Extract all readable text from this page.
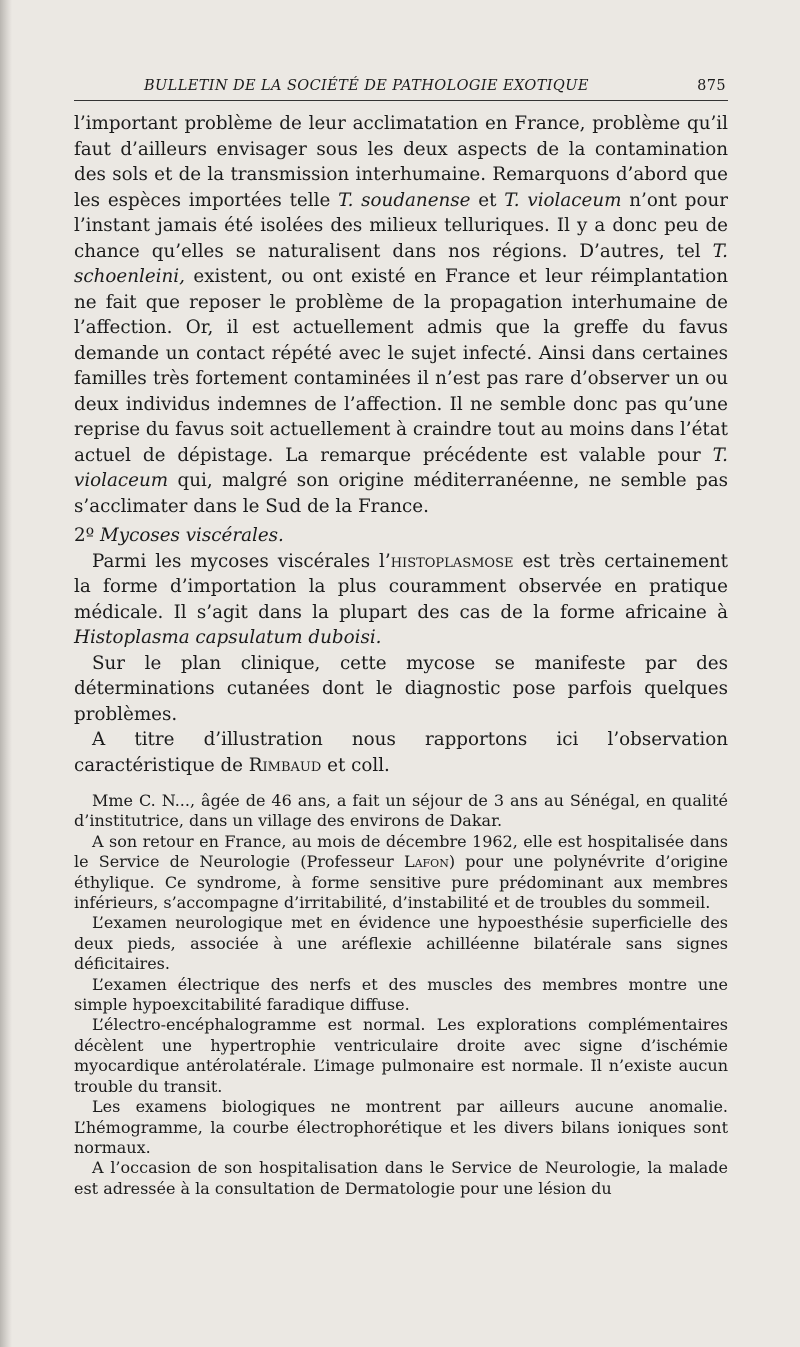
BULLETIN DE LA SOCIÉTÉ DE PATHOLOGIE EXOTIQUE	875

l’important problème de leur acclimatation en France, problème qu’il faut d’ailleurs envisager sous les deux aspects de la contamination des sols et de la transmission interhumaine. Remarquons d’abord que les espèces importées telle T. soudanense et T. violaceum n’ont pour l’instant jamais été isolées des milieux telluriques. Il y a donc peu de chance qu’elles se naturalisent dans nos régions. D’autres, tel T. schoenleini, existent, ou ont existé en France et leur réimplantation ne fait que reposer le problème de la propagation interhumaine de l’affection. Or, il est actuellement admis que la greffe du favus demande un contact répété avec le sujet infecté. Ainsi dans certaines familles très fortement contaminées il n’est pas rare d’observer un ou deux individus indemnes de l’affection. Il ne semble donc pas qu’une reprise du favus soit actuellement à craindre tout au moins dans l’état actuel de dépistage. La remarque précédente est valable pour T. violaceum qui, malgré son origine méditerranéenne, ne semble pas s’acclimater dans le Sud de la France.

2º Mycoses viscérales.

Parmi les mycoses viscérales l’histoplasmose est très certainement la forme d’importation la plus couramment observée en pratique médicale. Il s’agit dans la plupart des cas de la forme africaine à Histoplasma capsulatum duboisi.

Sur le plan clinique, cette mycose se manifeste par des déterminations cutanées dont le diagnostic pose parfois quelques problèmes.

A titre d’illustration nous rapportons ici l’observation caractéristique de Rimbaud et coll.

Mme C. N..., âgée de 46 ans, a fait un séjour de 3 ans au Sénégal, en qualité d’institutrice, dans un village des environs de Dakar.

A son retour en France, au mois de décembre 1962, elle est hospitalisée dans le Service de Neurologie (Professeur Lafon) pour une polynévrite d’origine éthylique. Ce syndrome, à forme sensitive pure prédominant aux membres inférieurs, s’accompagne d’irritabilité, d’instabilité et de troubles du sommeil.

L’examen neurologique met en évidence une hypoesthésie superficielle des deux pieds, associée à une aréflexie achilléenne bilatérale sans signes déficitaires.

L’examen électrique des nerfs et des muscles des membres montre une simple hypoexcitabilité faradique diffuse.

L’électro-encéphalogramme est normal. Les explorations complémentaires décèlent une hypertrophie ventriculaire droite avec signe d’ischémie myocardique antérolatérale. L’image pulmonaire est normale. Il n’existe aucun trouble du transit.

Les examens biologiques ne montrent par ailleurs aucune anomalie. L’hémogramme, la courbe électrophorétique et les divers bilans ioniques sont normaux.

A l’occasion de son hospitalisation dans le Service de Neurologie, la malade est adressée à la consultation de Dermatologie pour une lésion du
